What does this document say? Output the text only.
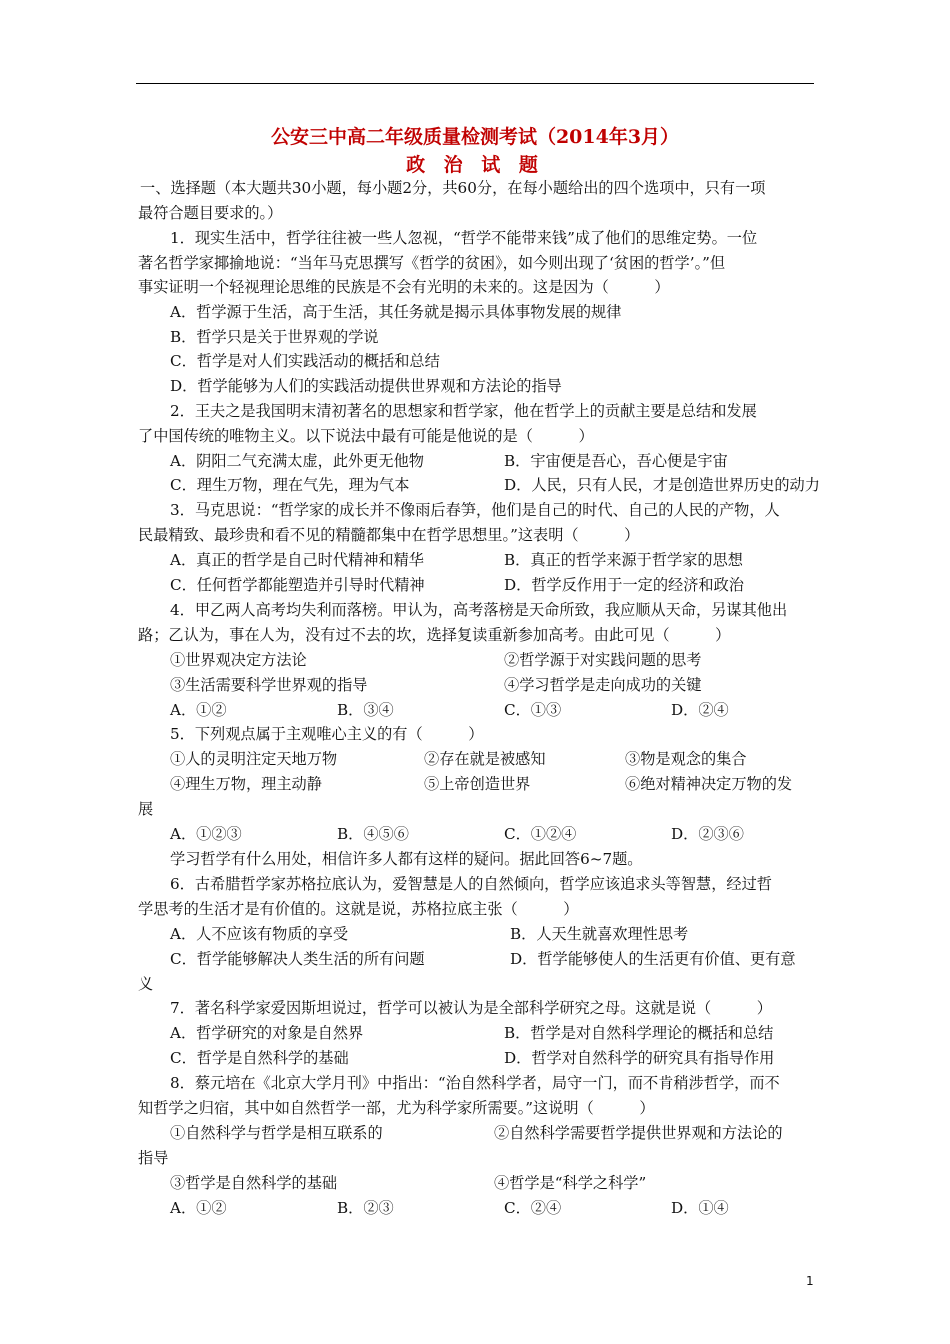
公安三中高二年级质量检测考试（2014年3月）
政 治 试 题
一、选择题（本大题共30小题，每小题2分，共60分，在每小题给出的四个选项中，只有一项
最符合题目要求的。）
1．现实生活中，哲学往往被一些人忽视，“哲学不能带来钱”成了他们的思维定势。一位
著名哲学家揶揄地说：“当年马克思撰写《哲学的贫困》，如今则出现了‘贫困的哲学’。”但
事实证明一个轻视理论思维的民族是不会有光明的未来的。这是因为（　　　）
A．哲学源于生活，高于生活，其任务就是揭示具体事物发展的规律
B．哲学只是关于世界观的学说
C．哲学是对人们实践活动的概括和总结
D．哲学能够为人们的实践活动提供世界观和方法论的指导
2．王夫之是我国明末清初著名的思想家和哲学家，他在哲学上的贡献主要是总结和发展
了中国传统的唯物主义。以下说法中最有可能是他说的是（　　　）
A．阴阳二气充满太虚，此外更无他物	B．宇宙便是吾心，吾心便是宇宙
C．理生万物，理在气先，理为气本	D．人民，只有人民，才是创造世界历史的动力
3．马克思说：“哲学家的成长并不像雨后春笋，他们是自己的时代、自己的人民的产物，人
民最精致、最珍贵和看不见的精髓都集中在哲学思想里。”这表明（　　　）
A．真正的哲学是自己时代精神和精华	B．真正的哲学来源于哲学家的思想
C．任何哲学都能塑造并引导时代精神	D．哲学反作用于一定的经济和政治
4．甲乙两人高考均失利而落榜。甲认为，高考落榜是天命所致，我应顺从天命，另谋其他出
路；乙认为，事在人为，没有过不去的坎，选择复读重新参加高考。由此可见（　　　）
①世界观决定方法论	②哲学源于对实践问题的思考
③生活需要科学世界观的指导	④学习哲学是走向成功的关键
A．①②	B．③④	C．①③	D．②④
5．下列观点属于主观唯心主义的有（　　　）
①人的灵明注定天地万物	②存在就是被感知	③物是观念的集合
④理生万物，理主动静	⑤上帝创造世界	⑥绝对精神决定万物的发
展
A．①②③	B．④⑤⑥	C．①②④	D．②③⑥
学习哲学有什么用处，相信许多人都有这样的疑问。据此回答6~7题。
6．古希腊哲学家苏格拉底认为，爱智慧是人的自然倾向，哲学应该追求头等智慧，经过哲
学思考的生活才是有价值的。这就是说，苏格拉底主张（　　　）
A．人不应该有物质的享受	B．人天生就喜欢理性思考
C．哲学能够解决人类生活的所有问题	D．哲学能够使人的生活更有价值、更有意
义
7．著名科学家爱因斯坦说过，哲学可以被认为是全部科学研究之母。这就是说（　　　）
A．哲学研究的对象是自然界	B．哲学是对自然科学理论的概括和总结
C．哲学是自然科学的基础	D．哲学对自然科学的研究具有指导作用
8．蔡元培在《北京大学月刊》中指出：“治自然科学者，局守一门，而不肯稍涉哲学，而不
知哲学之归宿，其中如自然哲学一部，尤为科学家所需要。”这说明（　　　）
①自然科学与哲学是相互联系的	②自然科学需要哲学提供世界观和方法论的
指导
③哲学是自然科学的基础	④哲学是“科学之科学”
A．①②	B．②③	C．②④	D．①④
1
